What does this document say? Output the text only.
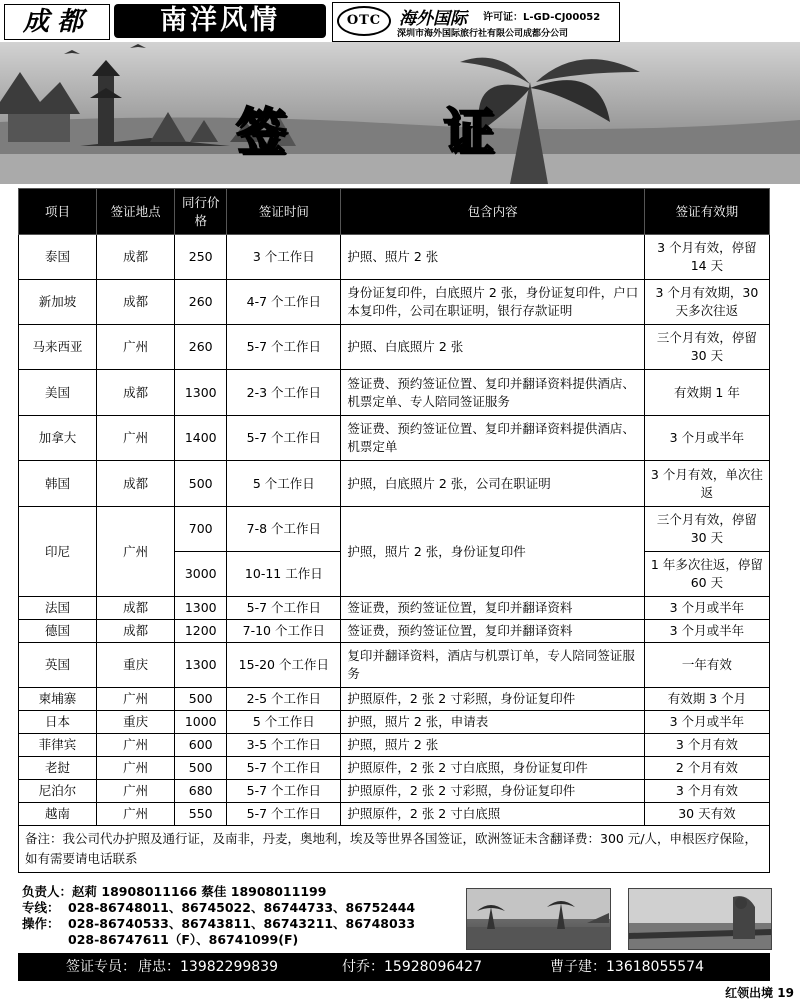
成都	南洋风情	OTC	海外国际 许可证：L-GD-CJ00052
深圳市海外国际旅行社有限公司成都分公司
签 证
项目	签证地点	同行价格	签证时间	包含内容	签证有效期
泰国	成都	250	3 个工作日	护照、照片 2 张	3 个月有效，停留 14 天
新加坡	成都	260	4-7 个工作日	身份证复印件，白底照片 2 张，身份证复印件，户口本复印件，公司在职证明，银行存款证明	3 个月有效期，30 天多次往返
马来西亚	广州	260	5-7 个工作日	护照、白底照片 2 张	三个月有效，停留 30 天
美国	成都	1300	2-3 个工作日	签证费、预约签证位置、复印并翻译资料提供酒店、机票定单、专人陪同签证服务	有效期 1 年
加拿大	广州	1400	5-7 个工作日	签证费、预约签证位置、复印并翻译资料提供酒店、机票定单	3 个月或半年
韩国	成都	500	5 个工作日	护照，白底照片 2 张，公司在职证明	3 个月有效，单次往返
印尼	广州	700	7-8 个工作日	护照，照片 2 张，身份证复印件	三个月有效，停留 30 天
		3000	10-11 工作日		1 年多次往返，停留 60 天
法国	成都	1300	5-7 个工作日	签证费，预约签证位置，复印并翻译资料	3 个月或半年
德国	成都	1200	7-10 个工作日	签证费，预约签证位置，复印并翻译资料	3 个月或半年
英国	重庆	1300	15-20 个工作日	复印并翻译资料，酒店与机票订单，专人陪同签证服务	一年有效
柬埔寨	广州	500	2-5 个工作日	护照原件，2 张 2 寸彩照，身份证复印件	有效期 3 个月
日本	重庆	1000	5 个工作日	护照，照片 2 张，申请表	3 个月或半年
菲律宾	广州	600	3-5 个工作日	护照，照片 2 张	3 个月有效
老挝	广州	500	5-7 个工作日	护照原件，2 张 2 寸白底照，身份证复印件	2 个月有效
尼泊尔	广州	680	5-7 个工作日	护照原件，2 张 2 寸彩照，身份证复印件	3 个月有效
越南	广州	550	5-7 个工作日	护照原件，2 张 2 寸白底照	30 天有效
备注：我公司代办护照及通行证，及南非，丹麦，奥地利，埃及等世界各国签证，欧洲签证未含翻译费：300 元/人，申根医疗保险，如有需要请电话联系					
负责人：赵莉 18908011166 蔡佳 18908011199
专线： 028-86748011、86745022、86744733、86752444
操作： 028-86740533、86743811、86743211、86748033
028-86747611（F）、86741099(F)
签证专员： 唐忠：13982299839	付乔：15928096427	曹子建：13618055574
红领出境 19
